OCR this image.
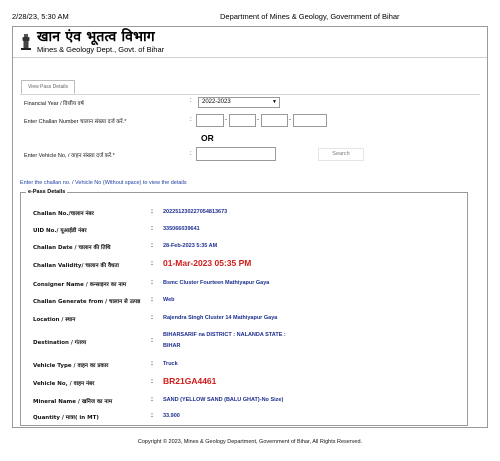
2/28/23, 5:30 AM	Department of Mines & Geology, Government of Bihar
खान एंव भूतत्व विभाग
Mines & Geology Dept., Govt. of Bihar
View Pass Details
Financial Year / वित्तीय वर्ष	:	2022-2023	▼
Enter Challan Number चालान संख्या दर्ज करें.*	:	-	-	-
OR
Enter Vehicle No, / वाहन संख्या दर्ज करें.*	:	Search
Enter the challan no. / Vehicle No (Without space) to view the details
e-Pass Details
Challan No./चालान नंबर	: 202251230227054813673
UID No./ यूआईडी नंबर	: 335066039641
Challan Date / चालान की तिथि	: 28-Feb-2023 5:35 AM
Challan Validity/ चालान की वैधता	: 01-Mar-2023 05:35 PM
Consigner Name / कन्साइनर का नाम	: Bsmc Cluster Fourteen Mathiyapur Gaya
Challan Generate from / चालान से उत्पन्न : Web
Location / स्थान	: Rajendra Singh Cluster 14 Mathiyapur Gaya
Destination / गंतव्य	:
BIHARSARIF na DISTRICT : NALANDA STATE :
BIHAR
Vehicle Type / वाहन का प्रकार	: Truck
Vehicle No, / वाहन नंबर	: BR21GA4461
Mineral Name / खनिज का नाम	: SAND (YELLOW SAND (BALU GHAT)-No Size)
Quantity / मात्रा( in MT)	: 33.900
Copyright © 2023, Mines & Geology Department, Government of Bihar, All Rights Reserved.
